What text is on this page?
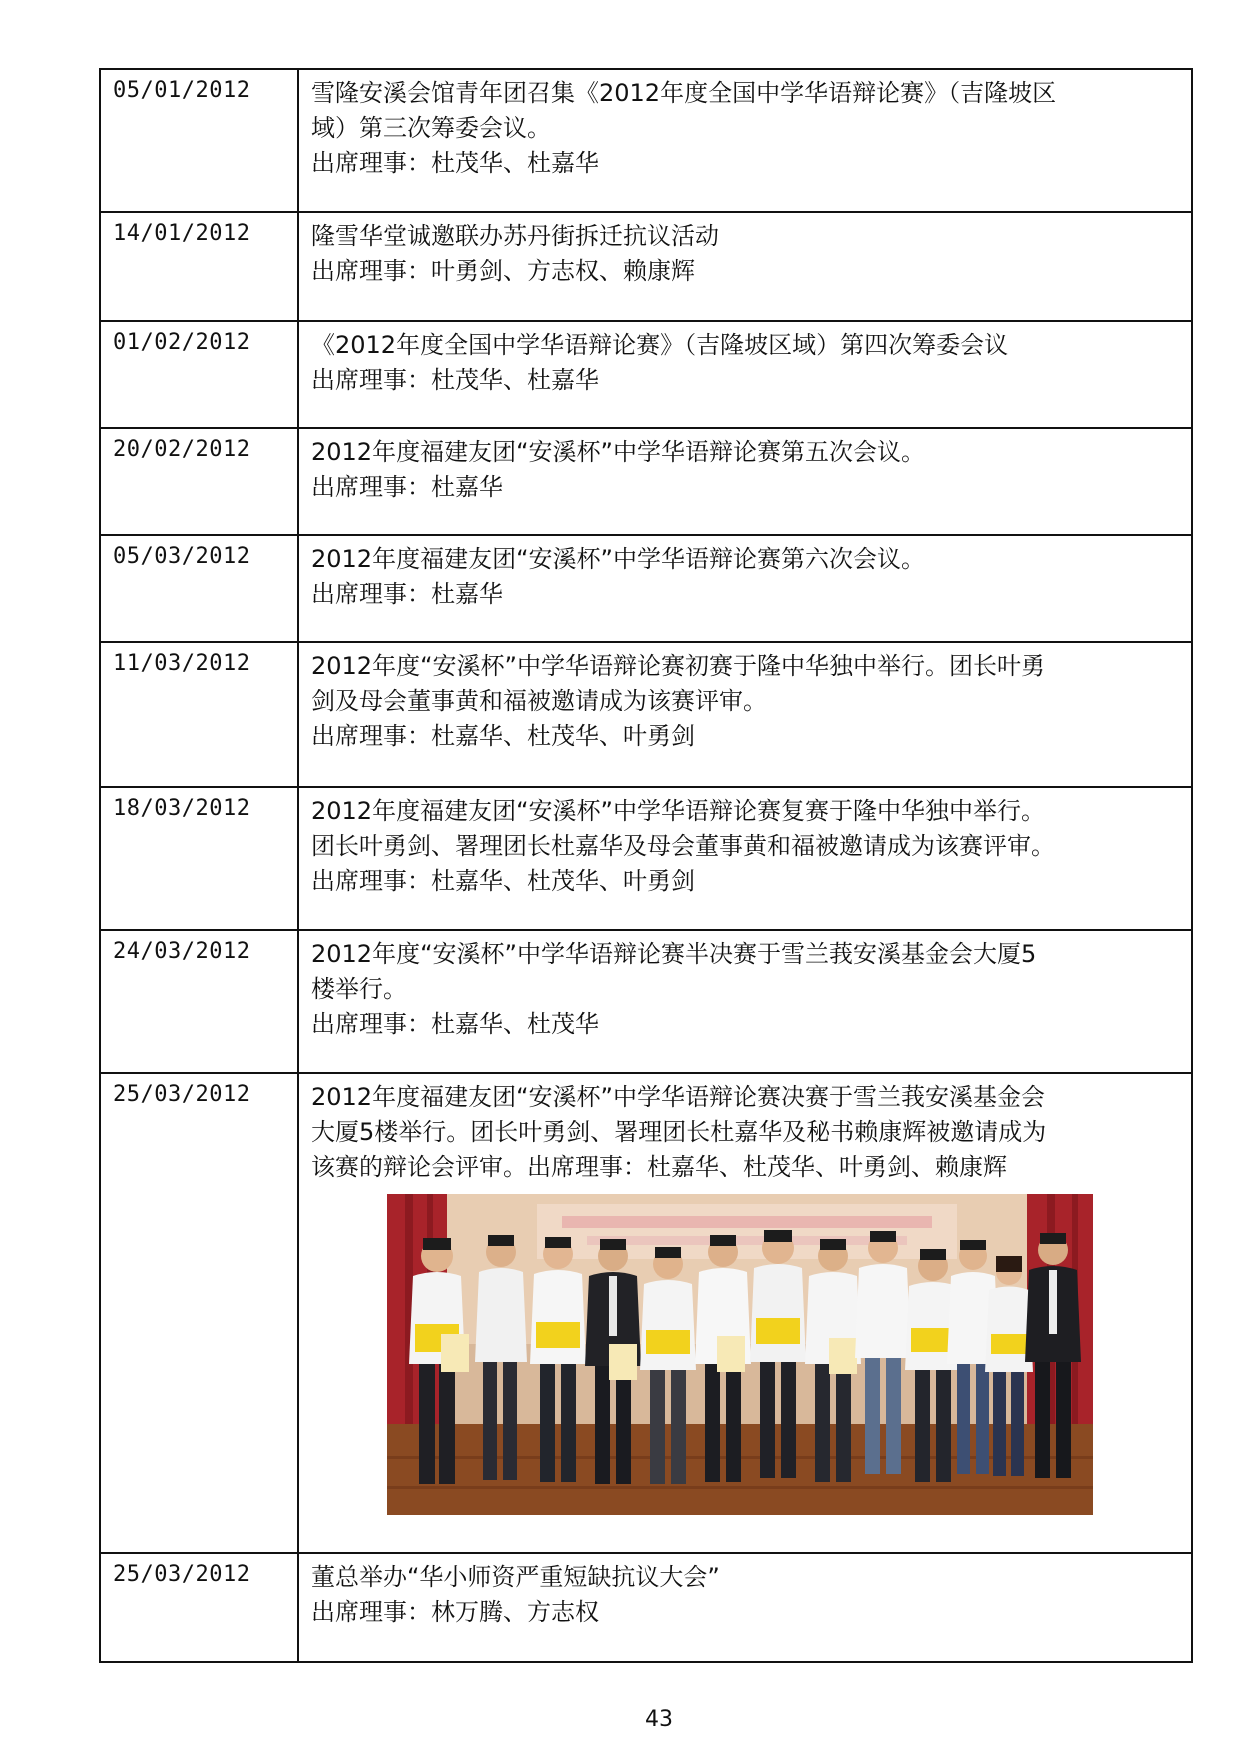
05/01/2012	雪隆安溪会馆青年团召集《2012年度全国中学华语辩论赛》（吉隆坡区
域）第三次筹委会议。
出席理事：杜茂华、杜嘉华

14/01/2012	隆雪华堂诚邀联办苏丹街拆迁抗议活动
出席理事：叶勇剑、方志权、赖康辉

01/02/2012	《2012年度全国中学华语辩论赛》（吉隆坡区域）第四次筹委会议
出席理事：杜茂华、杜嘉华

20/02/2012	2012年度福建友团“安溪杯”中学华语辩论赛第五次会议。
出席理事：杜嘉华

05/03/2012	2012年度福建友团“安溪杯”中学华语辩论赛第六次会议。
出席理事：杜嘉华

11/03/2012	2012年度“安溪杯”中学华语辩论赛初赛于隆中华独中举行。团长叶勇
剑及母会董事黄和福被邀请成为该赛评审。
出席理事：杜嘉华、杜茂华、叶勇剑

18/03/2012	2012年度福建友团“安溪杯”中学华语辩论赛复赛于隆中华独中举行。
团长叶勇剑、署理团长杜嘉华及母会董事黄和福被邀请成为该赛评审。
出席理事：杜嘉华、杜茂华、叶勇剑

24/03/2012	2012年度“安溪杯”中学华语辩论赛半决赛于雪兰莪安溪基金会大厦5
楼举行。
出席理事：杜嘉华、杜茂华

25/03/2012	2012年度福建友团“安溪杯”中学华语辩论赛决赛于雪兰莪安溪基金会
大厦5楼举行。团长叶勇剑、署理团长杜嘉华及秘书赖康辉被邀请成为
该赛的辩论会评审。出席理事：杜嘉华、杜茂华、叶勇剑、赖康辉

25/03/2012	董总举办“华小师资严重短缺抗议大会”
出席理事：林万腾、方志权
43
